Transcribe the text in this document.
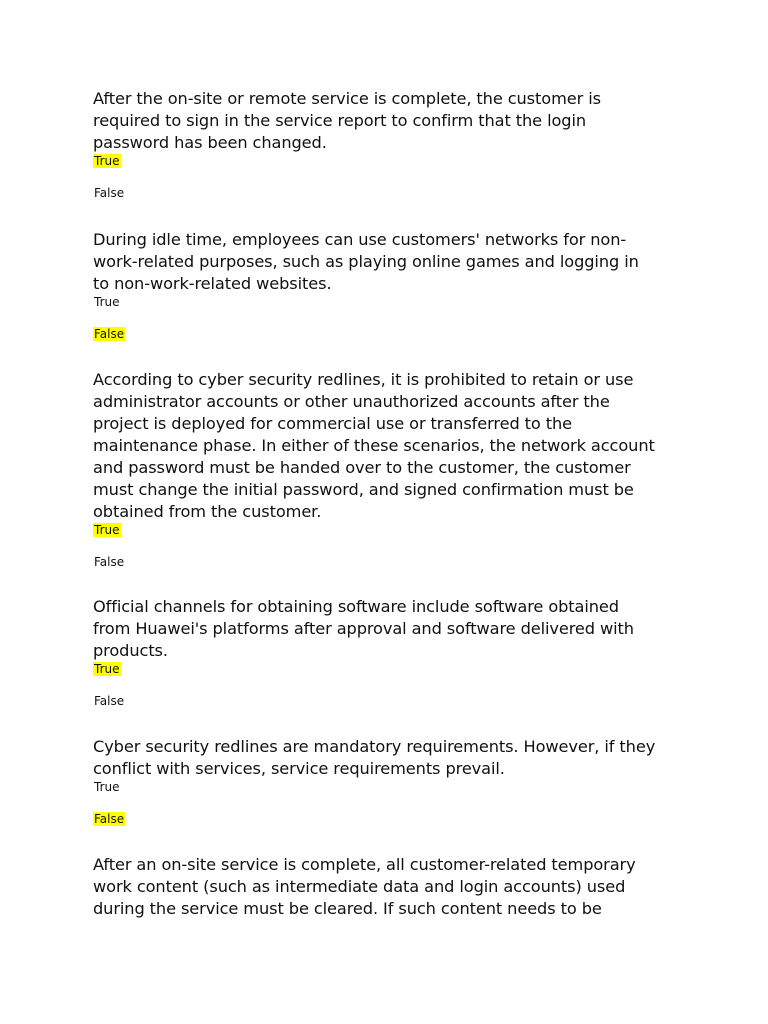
After the on-site or remote service is complete, the customer is required to sign in the service report to confirm that the login password has been changed.

True
False

During idle time, employees can use customers' networks for non-work-related purposes, such as playing online games and logging in to non-work-related websites.

True
False

According to cyber security redlines, it is prohibited to retain or use administrator accounts or other unauthorized accounts after the project is deployed for commercial use or transferred to the maintenance phase. In either of these scenarios, the network account and password must be handed over to the customer, the customer must change the initial password, and signed confirmation must be obtained from the customer.

True
False

Official channels for obtaining software include software obtained from Huawei's platforms after approval and software delivered with products.

True
False

Cyber security redlines are mandatory requirements. However, if they conflict with services, service requirements prevail.

True
False

After an on-site service is complete, all customer-related temporary work content (such as intermediate data and login accounts) used during the service must be cleared. If such content needs to be
